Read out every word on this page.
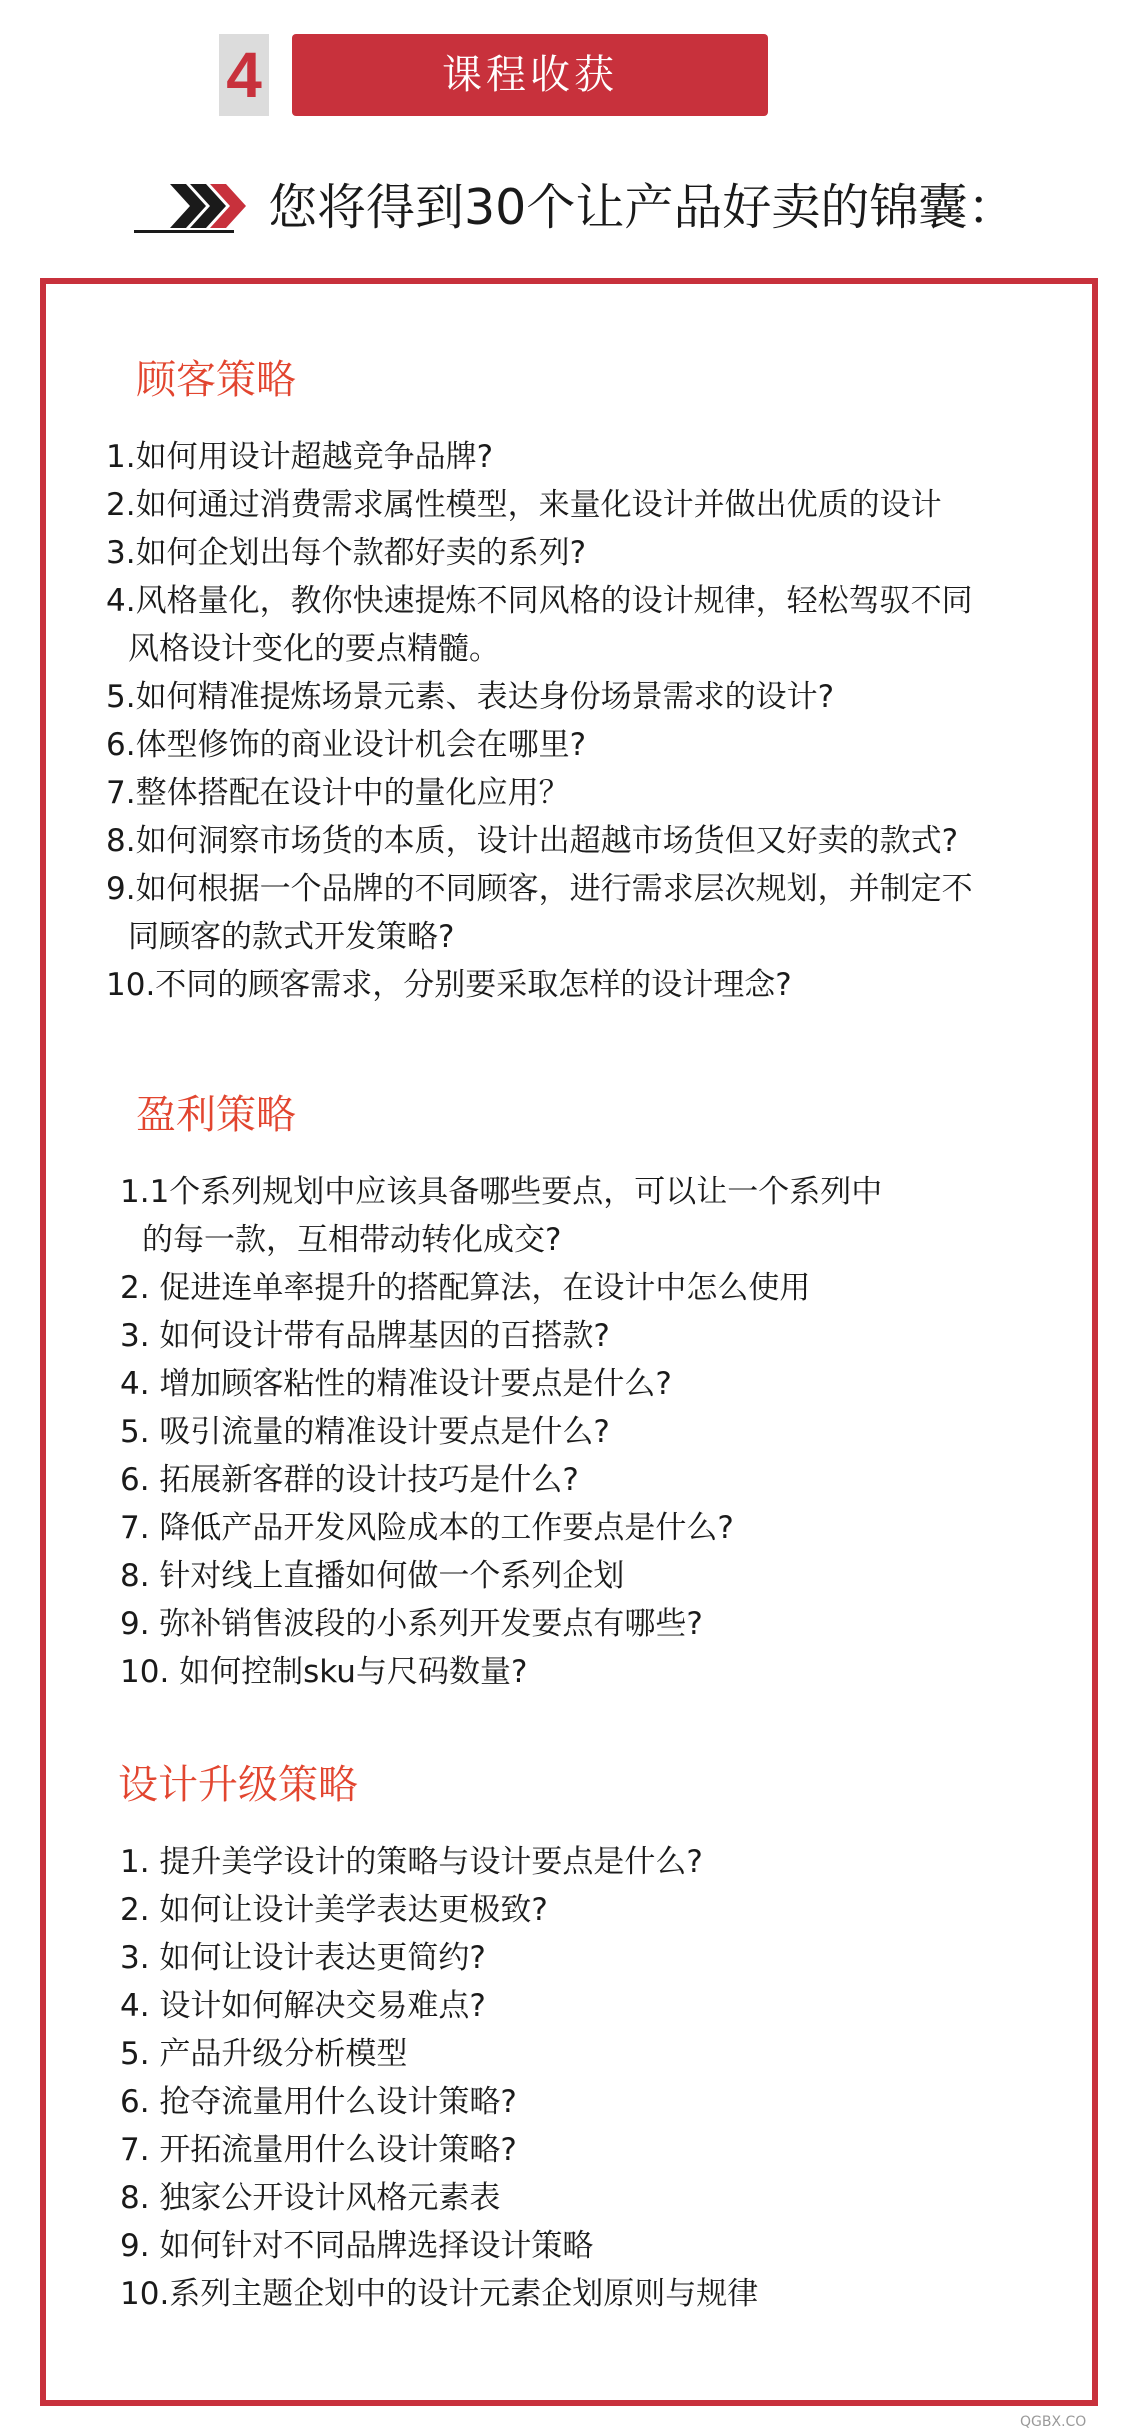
4	课程收获
您将得到30个让产品好卖的锦囊：
顾客策略
1.如何用设计超越竞争品牌?
2.如何通过消费需求属性模型，来量化设计并做出优质的设计
3.如何企划出每个款都好卖的系列?
4.风格量化，教你快速提炼不同风格的设计规律，轻松驾驭不同
风格设计变化的要点精髓。
5.如何精准提炼场景元素、表达身份场景需求的设计?
6.体型修饰的商业设计机会在哪里?
7.整体搭配在设计中的量化应用？
8.如何洞察市场货的本质，设计出超越市场货但又好卖的款式?
9.如何根据一个品牌的不同顾客，进行需求层次规划，并制定不
同顾客的款式开发策略?
10.不同的顾客需求，分别要采取怎样的设计理念?
盈利策略
1.1个系列规划中应该具备哪些要点，可以让一个系列中
的每一款，互相带动转化成交?
2. 促进连单率提升的搭配算法，在设计中怎么使用
3. 如何设计带有品牌基因的百搭款?
4. 增加顾客粘性的精准设计要点是什么?
5. 吸引流量的精准设计要点是什么?
6. 拓展新客群的设计技巧是什么?
7. 降低产品开发风险成本的工作要点是什么?
8. 针对线上直播如何做一个系列企划
9. 弥补销售波段的小系列开发要点有哪些?
10. 如何控制sku与尺码数量?
设计升级策略
1. 提升美学设计的策略与设计要点是什么?
2. 如何让设计美学表达更极致?
3. 如何让设计表达更简约?
4. 设计如何解决交易难点?
5. 产品升级分析模型
6. 抢夺流量用什么设计策略?
7. 开拓流量用什么设计策略?
8. 独家公开设计风格元素表
9. 如何针对不同品牌选择设计策略
10.系列主题企划中的设计元素企划原则与规律
QGBX.CO
